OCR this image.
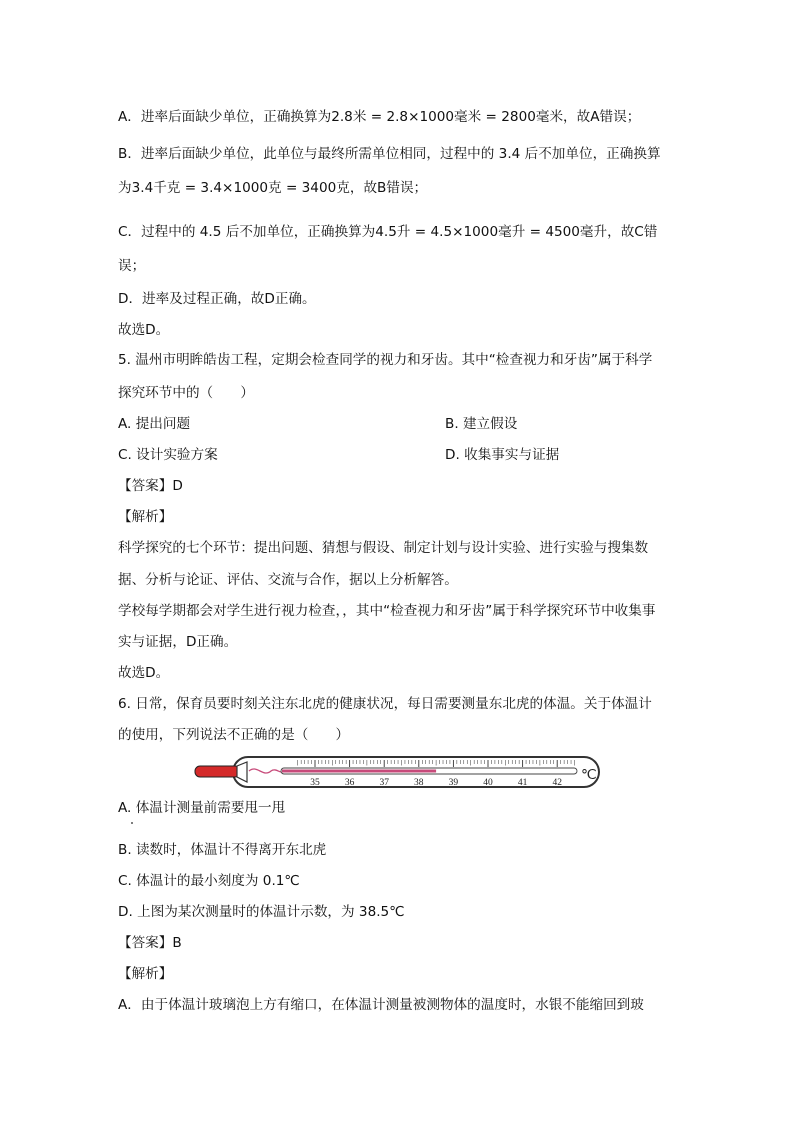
A．进率后面缺少单位，正确换算为2.8米 = 2.8×1000毫米 = 2800毫米，故A错误；
B．进率后面缺少单位，此单位与最终所需单位相同，过程中的 3.4 后不加单位，正确换算
为3.4千克 = 3.4×1000克 = 3400克，故B错误；
C．过程中的 4.5 后不加单位，正确换算为4.5升 = 4.5×1000毫升 = 4500毫升，故C错
误；
D．进率及过程正确，故D正确。
故选D。
5. 温州市明眸皓齿工程，定期会检查同学的视力和牙齿。其中“检查视力和牙齿”属于科学
探究环节中的（　　）
A. 提出问题	B. 建立假设
C. 设计实验方案	D. 收集事实与证据
【答案】D
【解析】
科学探究的七个环节：提出问题、猜想与假设、制定计划与设计实验、进行实验与搜集数
据、分析与论证、评估、交流与合作，据以上分析解答。
学校每学期都会对学生进行视力检查，，其中“检查视力和牙齿”属于科学探究环节中收集事
实与证据，D正确。
故选D。
6. 日常，保育员要时刻关注东北虎的健康状况，每日需要测量东北虎的体温。关于体温计
的使用，下列说法不正确的是（　　）
35	36	37	38	39	40	41	42 ℃
A. 体温计测量前需要甩一甩
B. 读数时，体温计不得离开东北虎
C. 体温计的最小刻度为 0.1℃
D. 上图为某次测量时的体温计示数，为 38.5℃
【答案】B
【解析】
A．由于体温计玻璃泡上方有缩口，在体温计测量被测物体的温度时，水银不能缩回到玻
